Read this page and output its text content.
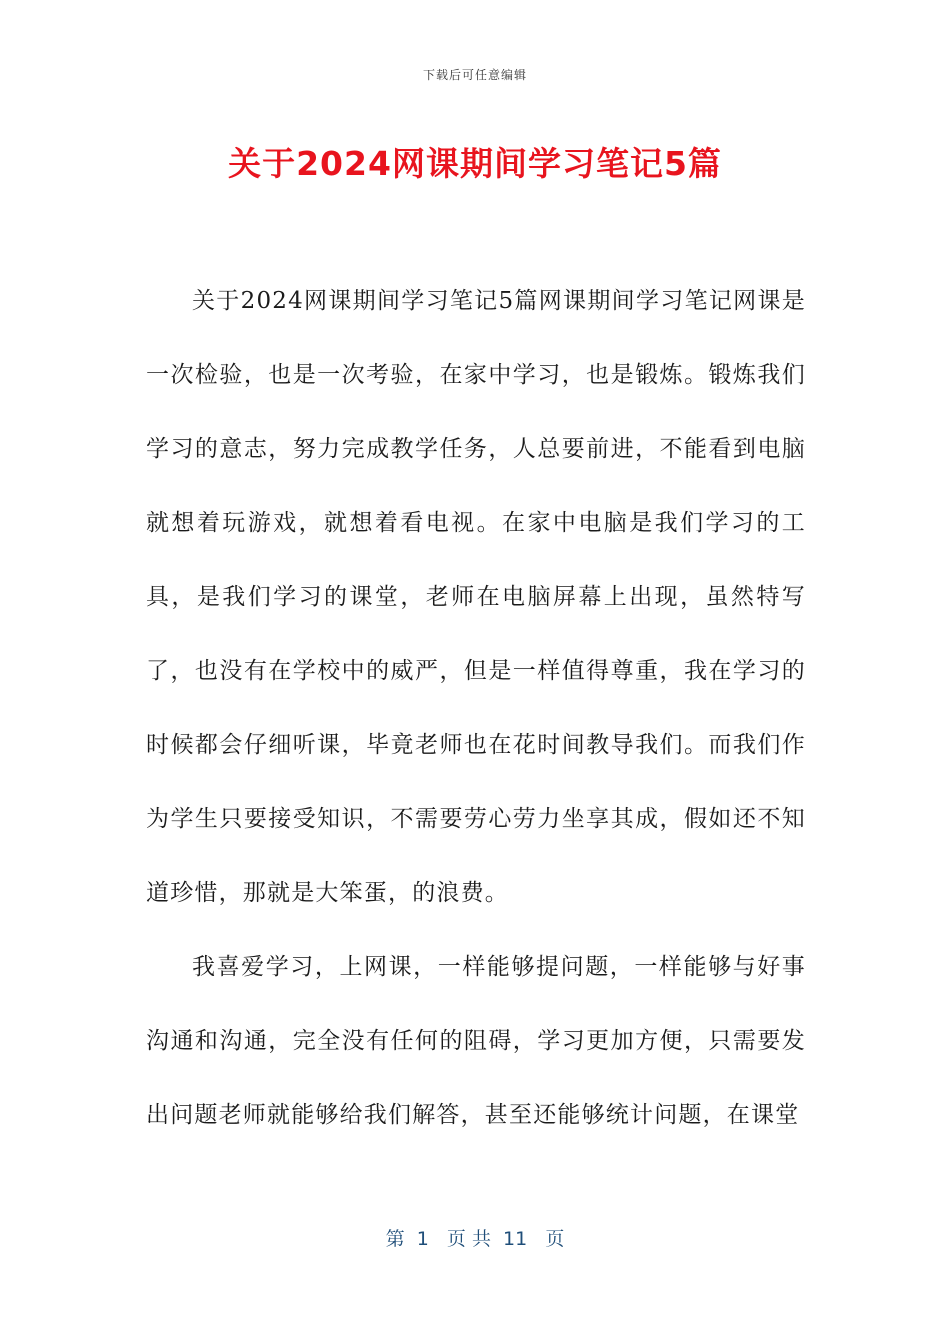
下载后可任意编辑
关于2024网课期间学习笔记5篇

关于2024网课期间学习笔记5篇网课期间学习笔记网课是一次检验，也是一次考验，在家中学习，也是锻炼。锻炼我们学习的意志，努力完成教学任务，人总要前进，不能看到电脑就想着玩游戏，就想着看电视。在家中电脑是我们学习的工具，是我们学习的课堂，老师在电脑屏幕上出现，虽然特写了，也没有在学校中的威严，但是一样值得尊重，我在学习的时候都会仔细听课，毕竟老师也在花时间教导我们。而我们作为学生只要接受知识，不需要劳心劳力坐享其成，假如还不知道珍惜，那就是大笨蛋，的浪费。

我喜爱学习，上网课，一样能够提问题，一样能够与好事沟通和沟通，完全没有任何的阻碍，学习更加方便，只需要发出问题老师就能够给我们解答，甚至还能够统计问题，在课堂

第  1   页 共  11   页
